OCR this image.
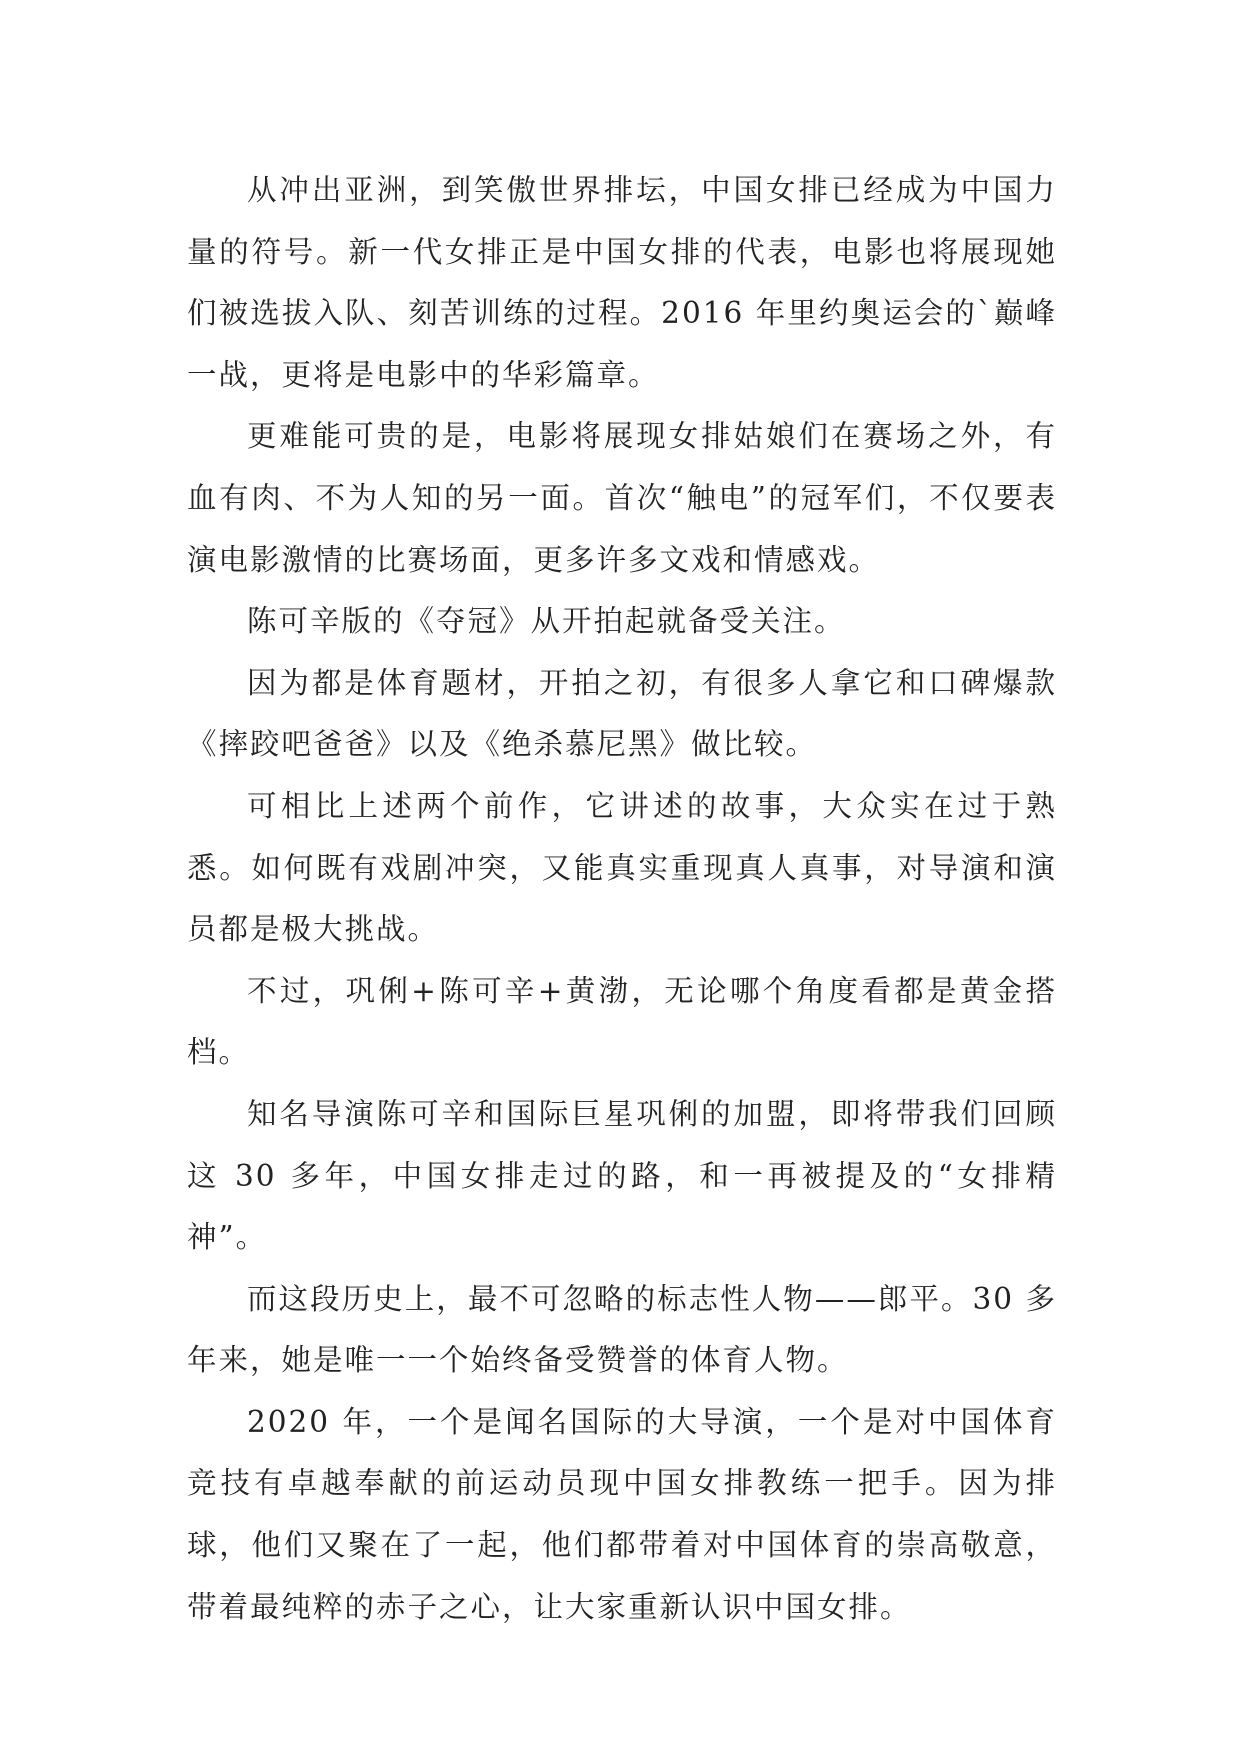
从冲出亚洲，到笑傲世界排坛，中国女排已经成为中国力量的符号。新一代女排正是中国女排的代表，电影也将展现她们被选拔入队、刻苦训练的过程。2016 年里约奥运会的`巅峰一战，更将是电影中的华彩篇章。

更难能可贵的是，电影将展现女排姑娘们在赛场之外，有血有肉、不为人知的另一面。首次“触电”的冠军们，不仅要表演电影激情的比赛场面，更多许多文戏和情感戏。

陈可辛版的《夺冠》从开拍起就备受关注。

因为都是体育题材，开拍之初，有很多人拿它和口碑爆款《摔跤吧爸爸》以及《绝杀慕尼黑》做比较。

可相比上述两个前作，它讲述的故事，大众实在过于熟悉。如何既有戏剧冲突，又能真实重现真人真事，对导演和演员都是极大挑战。

不过，巩俐+陈可辛+黄渤，无论哪个角度看都是黄金搭档。

知名导演陈可辛和国际巨星巩俐的加盟，即将带我们回顾这 30 多年，中国女排走过的路，和一再被提及的“女排精神”。

而这段历史上，最不可忽略的标志性人物——郎平。30 多年来，她是唯一一个始终备受赞誉的体育人物。

2020 年，一个是闻名国际的大导演，一个是对中国体育竞技有卓越奉献的前运动员现中国女排教练一把手。因为排球，他们又聚在了一起，他们都带着对中国体育的崇高敬意，带着最纯粹的赤子之心，让大家重新认识中国女排。
